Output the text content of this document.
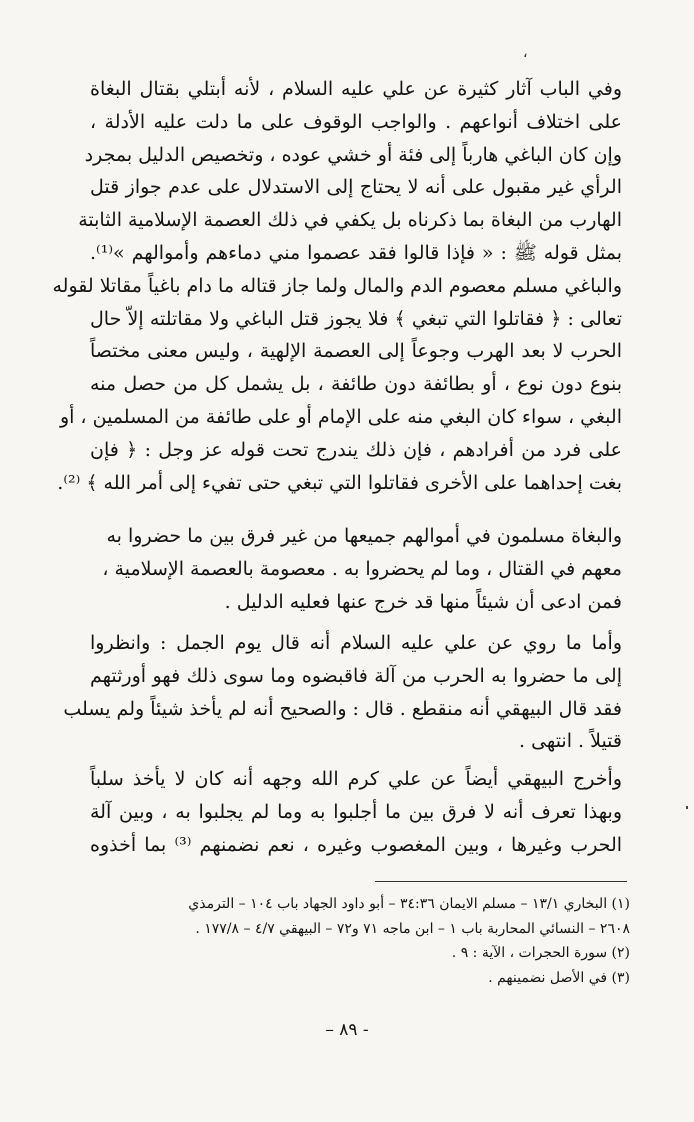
،
وفي الباب آثار كثيرة عن علي عليه السلام ، لأنه أبتلي بقتال البغاة
على اختلاف أنواعهم . والواجب الوقوف على ما دلت عليه الأدلة ،
وإن كان الباغي هارباً إلى فئة أو خشي عوده ، وتخصيص الدليل بمجرد
الرأي غير مقبول على أنه لا يحتاج إلى الاستدلال على عدم جواز قتل
الهارب من البغاة بما ذكرناه بل يكفي في ذلك العصمة الإسلامية الثابتة
بمثل قوله ﷺ : « فإذا قالوا فقد عصموا مني دماءهم وأموالهم »⁽¹⁾.
والباغي مسلم معصوم الدم والمال ولما جاز قتاله ما دام باغياً مقاتلا لقوله
تعالى : ﴿ فقاتلوا التي تبغي ﴾ فلا يجوز قتل الباغي ولا مقاتلته إلاّ حال
الحرب لا بعد الهرب وجوعاً إلى العصمة الإلهية ، وليس معنى مختصاً
بنوع دون نوع ، أو بطائفة دون طائفة ، بل يشمل كل من حصل منه
البغي ، سواء كان البغي منه على الإمام أو على طائفة من المسلمين ، أو
على فرد من أفرادهم ، فإن ذلك يندرج تحت قوله عز وجل : ﴿ فإن
بغت إحداهما على الأخرى فقاتلوا التي تبغي حتى تفيء إلى أمر الله ﴾ ⁽²⁾.
والبغاة مسلمون في أموالهم جميعها من غير فرق بين ما حضروا به
معهم في القتال ، وما لم يحضروا به . معصومة بالعصمة الإسلامية ،
فمن ادعى أن شيئاً منها قد خرج عنها فعليه الدليل .
وأما ما روي عن علي عليه السلام أنه قال يوم الجمل : وانظروا
إلى ما حضروا به الحرب من آلة فاقبضوه وما سوى ذلك فهو أورثتهم
فقد قال البيهقي أنه منقطع . قال : والصحيح أنه لم يأخذ شيئاً ولم يسلب
قتيلاً . انتهى .
وأخرج البيهقي أيضاً عن علي كرم الله وجهه أنه كان لا يأخذ سلباً
وبهذا تعرف أنه لا فرق بين ما أجلبوا به وما لم يجلبوا به ، وبين آلة
الحرب وغيرها ، وبين المغصوب وغيره ، نعم نضمنهم ⁽³⁾ بما أخذوه
(١) البخاري ١٣/١ – مسلم الايمان ٣٤:٣٦ – أبو داود الجهاد باب ١٠٤ – الترمذي
٢٦٠٨ – النسائي المحاربة باب ١ – ابن ماجه ٧١ و٧٢ – البيهقي ٤/٧ – ١٧٧/٨ .
(٢) سورة الحجرات ، الآية : ٩ .
(٣) في الأصل نضمينهم .
– ٨٩ -
